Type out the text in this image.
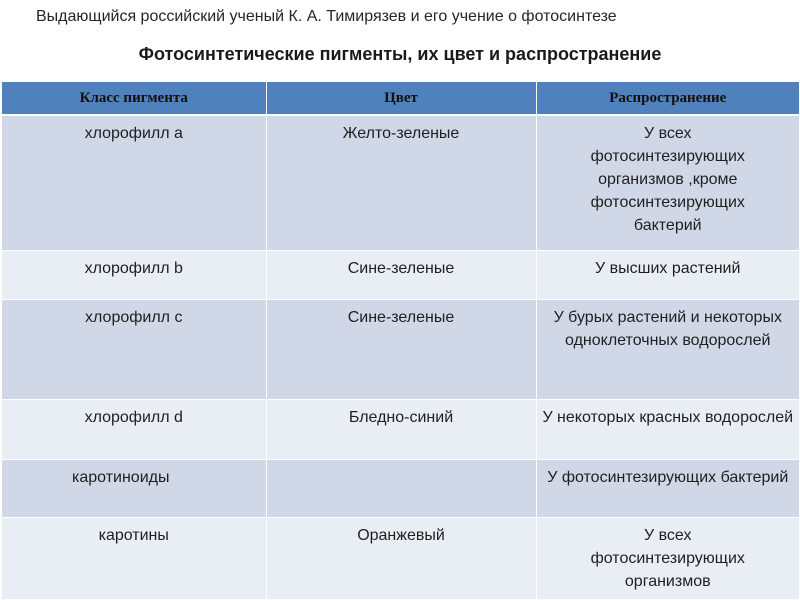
Выдающийся российский ученый К. А. Тимирязев и его учение о фотосинтезе
Фотосинтетические пигменты, их цвет и распространение
Класс пигмента	Цвет	Распространение
хлорофилл a	Желто-зеленые	У всех фотосинтезирующих организмов ,кроме фотосинтезирующих бактерий
хлорофилл b	Сине-зеленые	У высших растений
хлорофилл c	Сине-зеленые	У бурых растений и некоторых одноклеточных водорослей
хлорофилл d	Бледно-синий	У некоторых красных водорослей
каротиноиды		У фотосинтезирующих бактерий
каротины	Оранжевый	У всех фотосинтезирующих организмов
